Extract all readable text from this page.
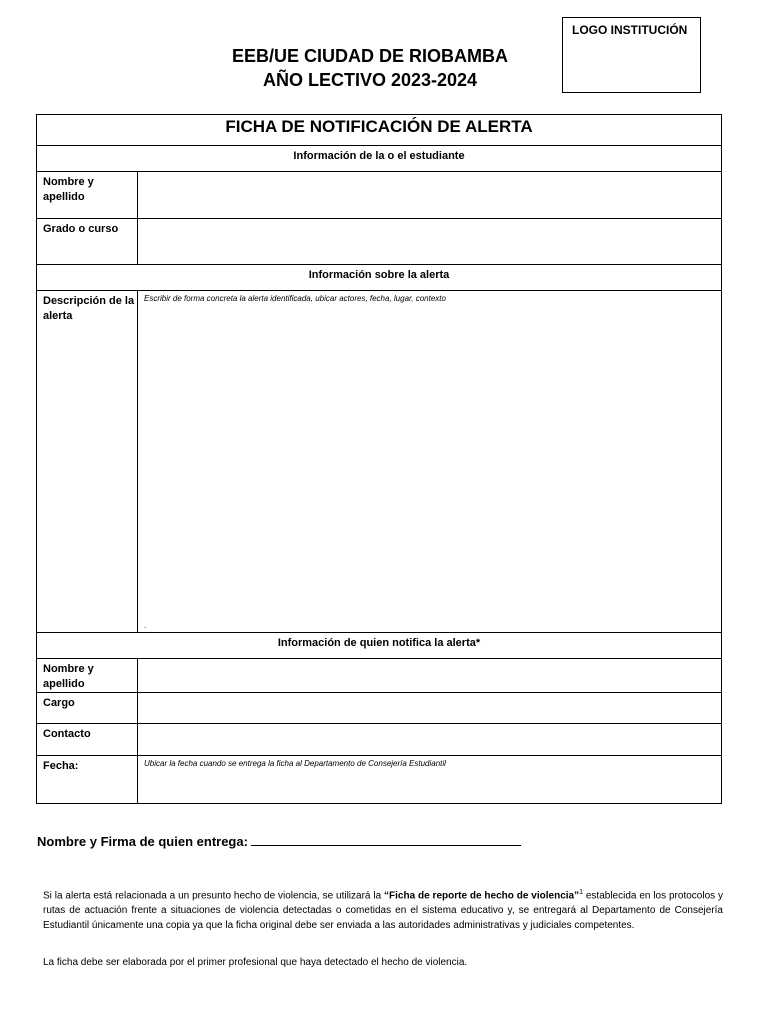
LOGO INSTITUCIÓN
EEB/UE CIUDAD DE RIOBAMBA
AÑO LECTIVO 2023-2024
FICHA DE NOTIFICACIÓN DE ALERTA	
Información de la o el estudiante	
Nombre y apellido	
Grado o curso	
Información sobre la alerta	
Descripción de la alerta	Escribir de forma concreta la alerta identificada, ubicar actores, fecha, lugar, contexto
.

Información de quien notifica la alerta*	
Nombre y apellido	
Cargo	
Contacto	
Fecha:	Ubicar la fecha cuando se entrega la ficha al Departamento de Consejería Estudiantil
Nombre y Firma de quien entrega:
Si la alerta está relacionada a un presunto hecho de violencia, se utilizará la “Ficha de reporte de hecho de violencia”$^1$ establecida en los protocolos y rutas de actuación frente a situaciones de violencia detectadas o cometidas en el sistema educativo y, se entregará al Departamento de Consejería Estudiantil únicamente una copia ya que la ficha original debe ser enviada a las autoridades administrativas y judiciales competentes.
La ficha debe ser elaborada por el primer profesional que haya detectado el hecho de violencia.
